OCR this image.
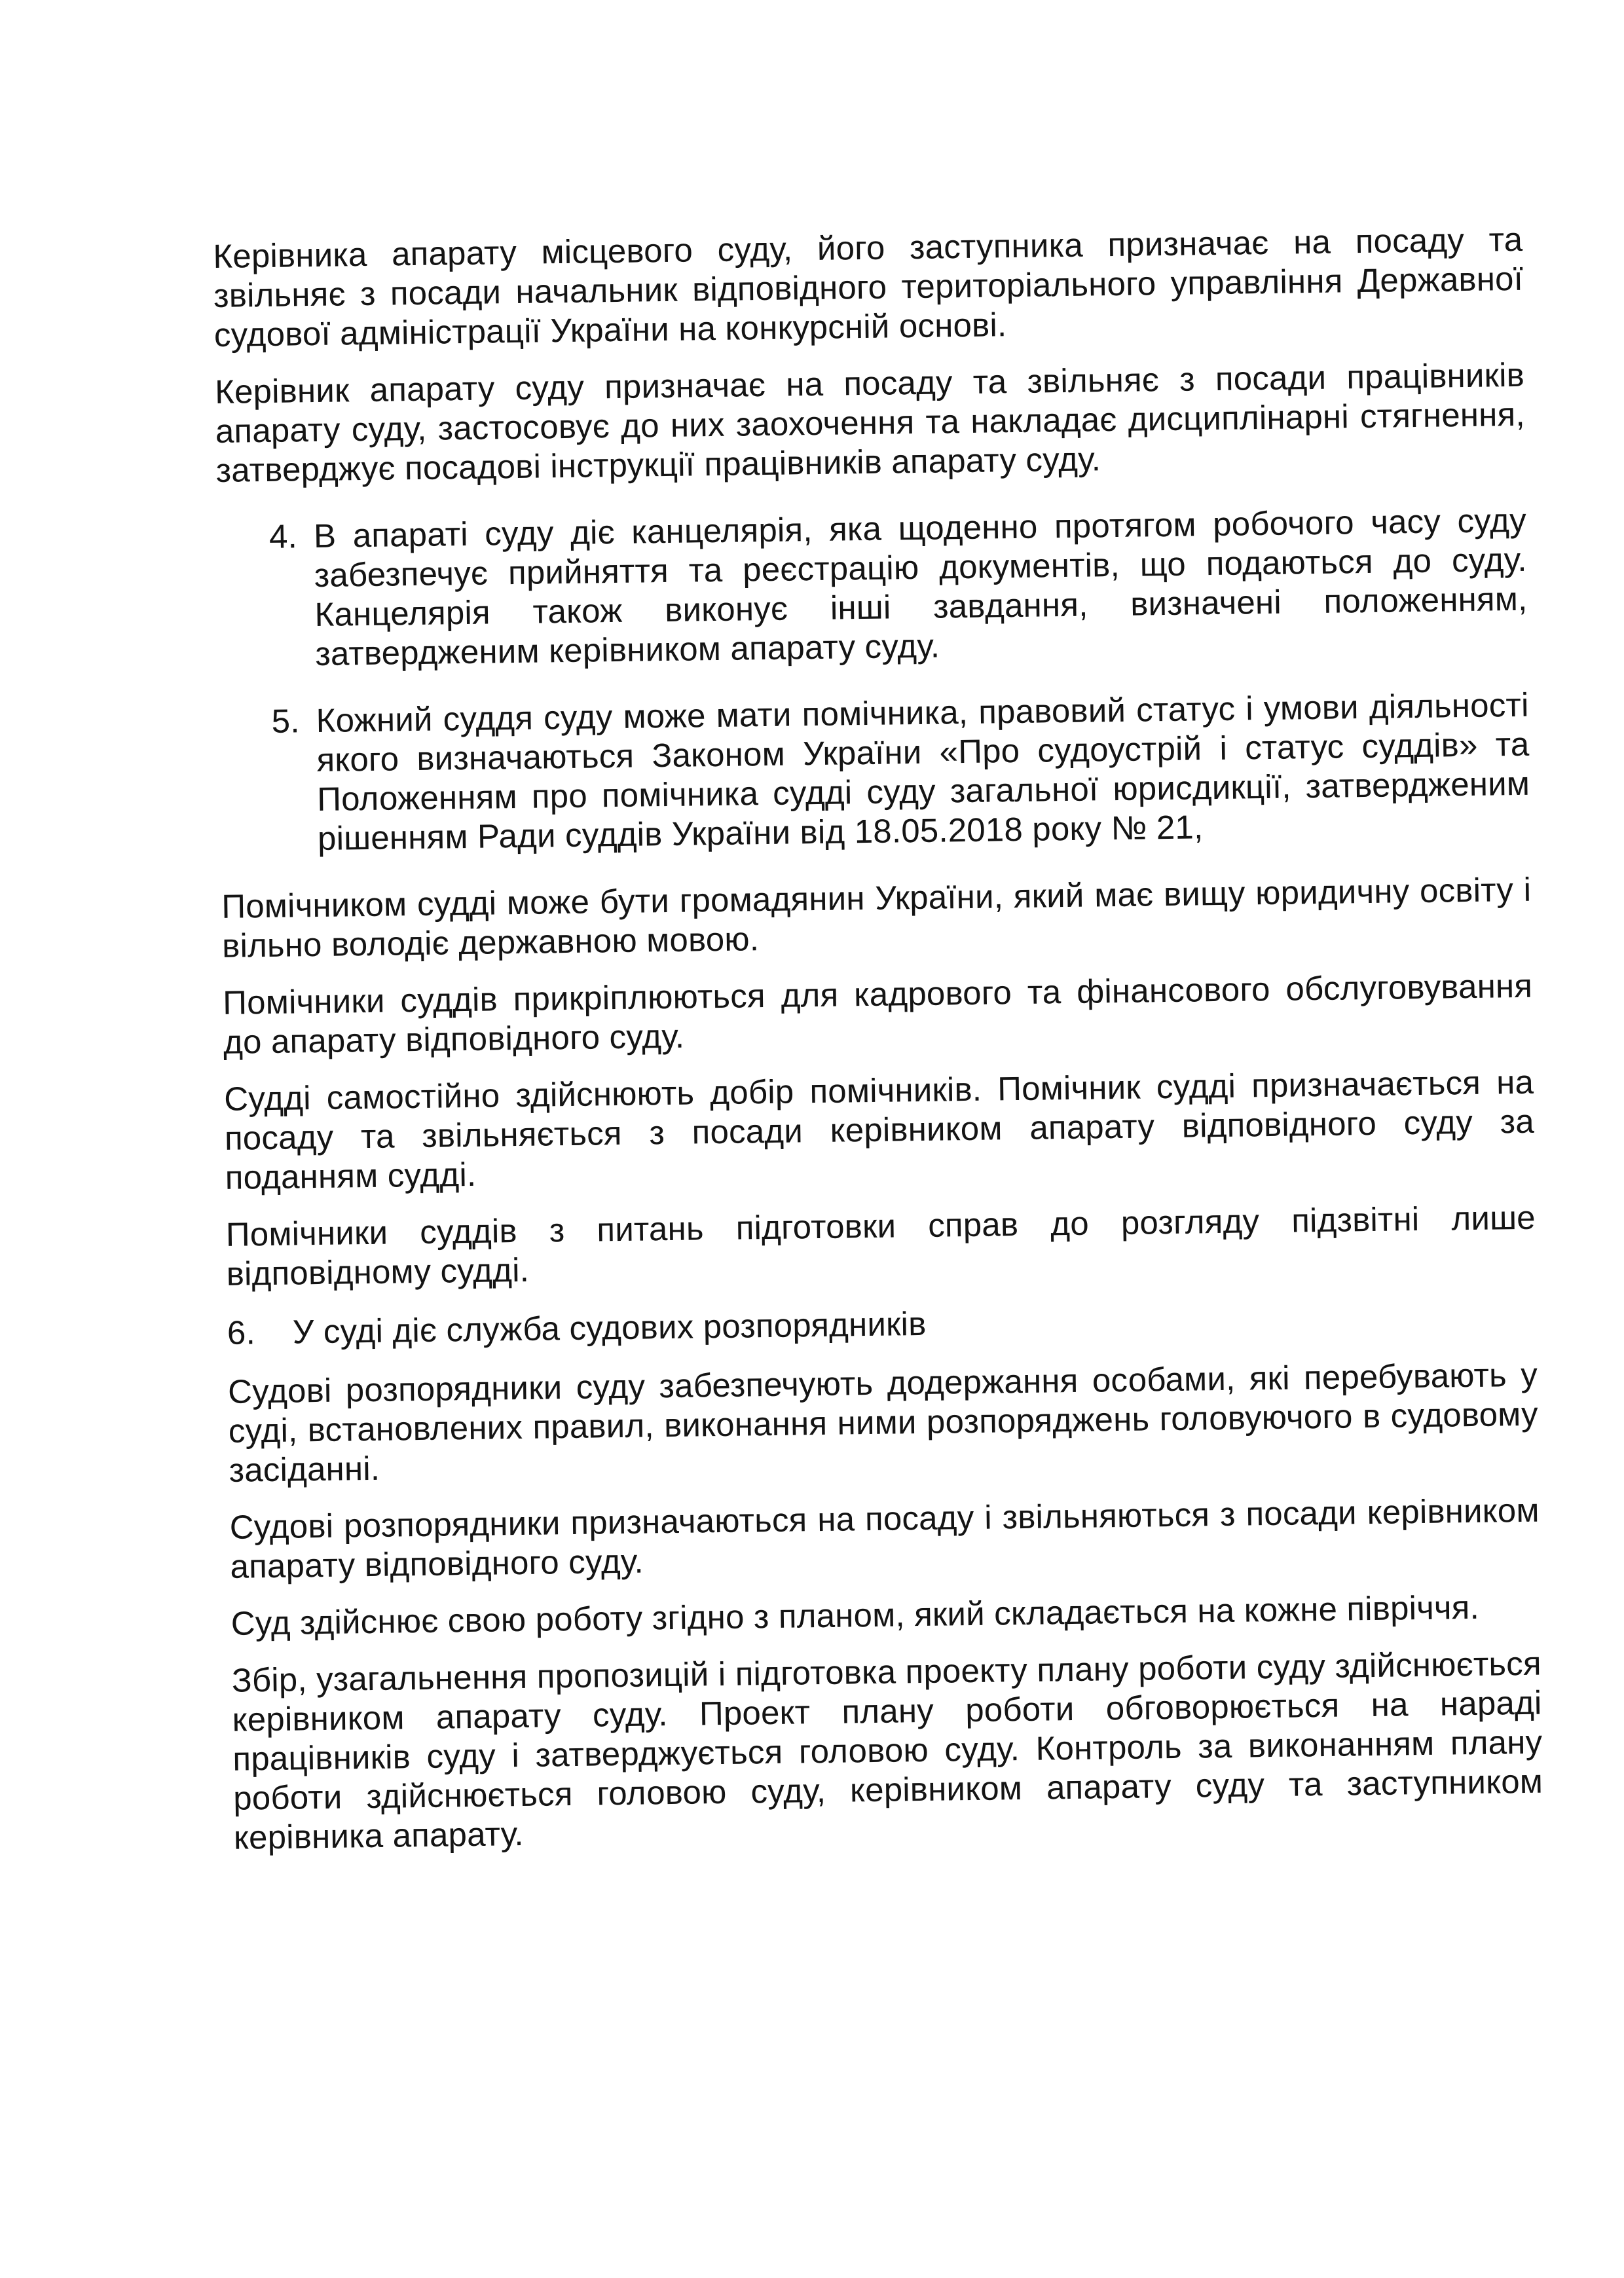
Керівника апарату місцевого суду, його заступника призначає на посаду та звільняє з посади начальник відповідного територіального управління Державної судової адміністрації України на конкурсній основі.

Керівник апарату суду призначає на посаду та звільняє з посади працівників апарату суду, застосовує до них заохочення та накладає дисциплінарні стягнення, затверджує посадові інструкції працівників апарату суду.

4. В апараті суду діє канцелярія, яка щоденно протягом робочого часу суду забезпечує прийняття та реєстрацію документів, що подаються до суду. Канцелярія також виконує інші завдання, визначені положенням, затвердженим керівником апарату суду.

5. Кожний суддя суду може мати помічника, правовий статус і умови діяльності якого визначаються Законом України «Про судоустрій і статус суддів» та Положенням про помічника судді суду загальної юрисдикції, затвердженим рішенням Ради суддів України від 18.05.2018 року № 21,

Помічником судді може бути громадянин України, який має вищу юридичну освіту і вільно володіє державною мовою.

Помічники суддів прикріплюються для кадрового та фінансового обслуговування до апарату відповідного суду.

Судді самостійно здійснюють добір помічників. Помічник судді призначається на посаду та звільняється з посади керівником апарату відповідного суду за поданням судді.

Помічники суддів з питань підготовки справ до розгляду підзвітні лише відповідному судді.

6. У суді діє служба судових розпорядників

Судові розпорядники суду забезпечують додержання особами, які перебувають у суді, встановлених правил, виконання ними розпоряджень головуючого в судовому засіданні.

Судові розпорядники призначаються на посаду і звільняються з посади керівником апарату відповідного суду.

Суд здійснює свою роботу згідно з планом, який складається на кожне півріччя.

Збір, узагальнення пропозицій і підготовка проекту плану роботи суду здійснюється керівником апарату суду. Проект плану роботи обговорюється на нараді працівників суду і затверджується головою суду. Контроль за виконанням плану роботи здійснюється головою суду, керівником апарату суду та заступником керівника апарату.
